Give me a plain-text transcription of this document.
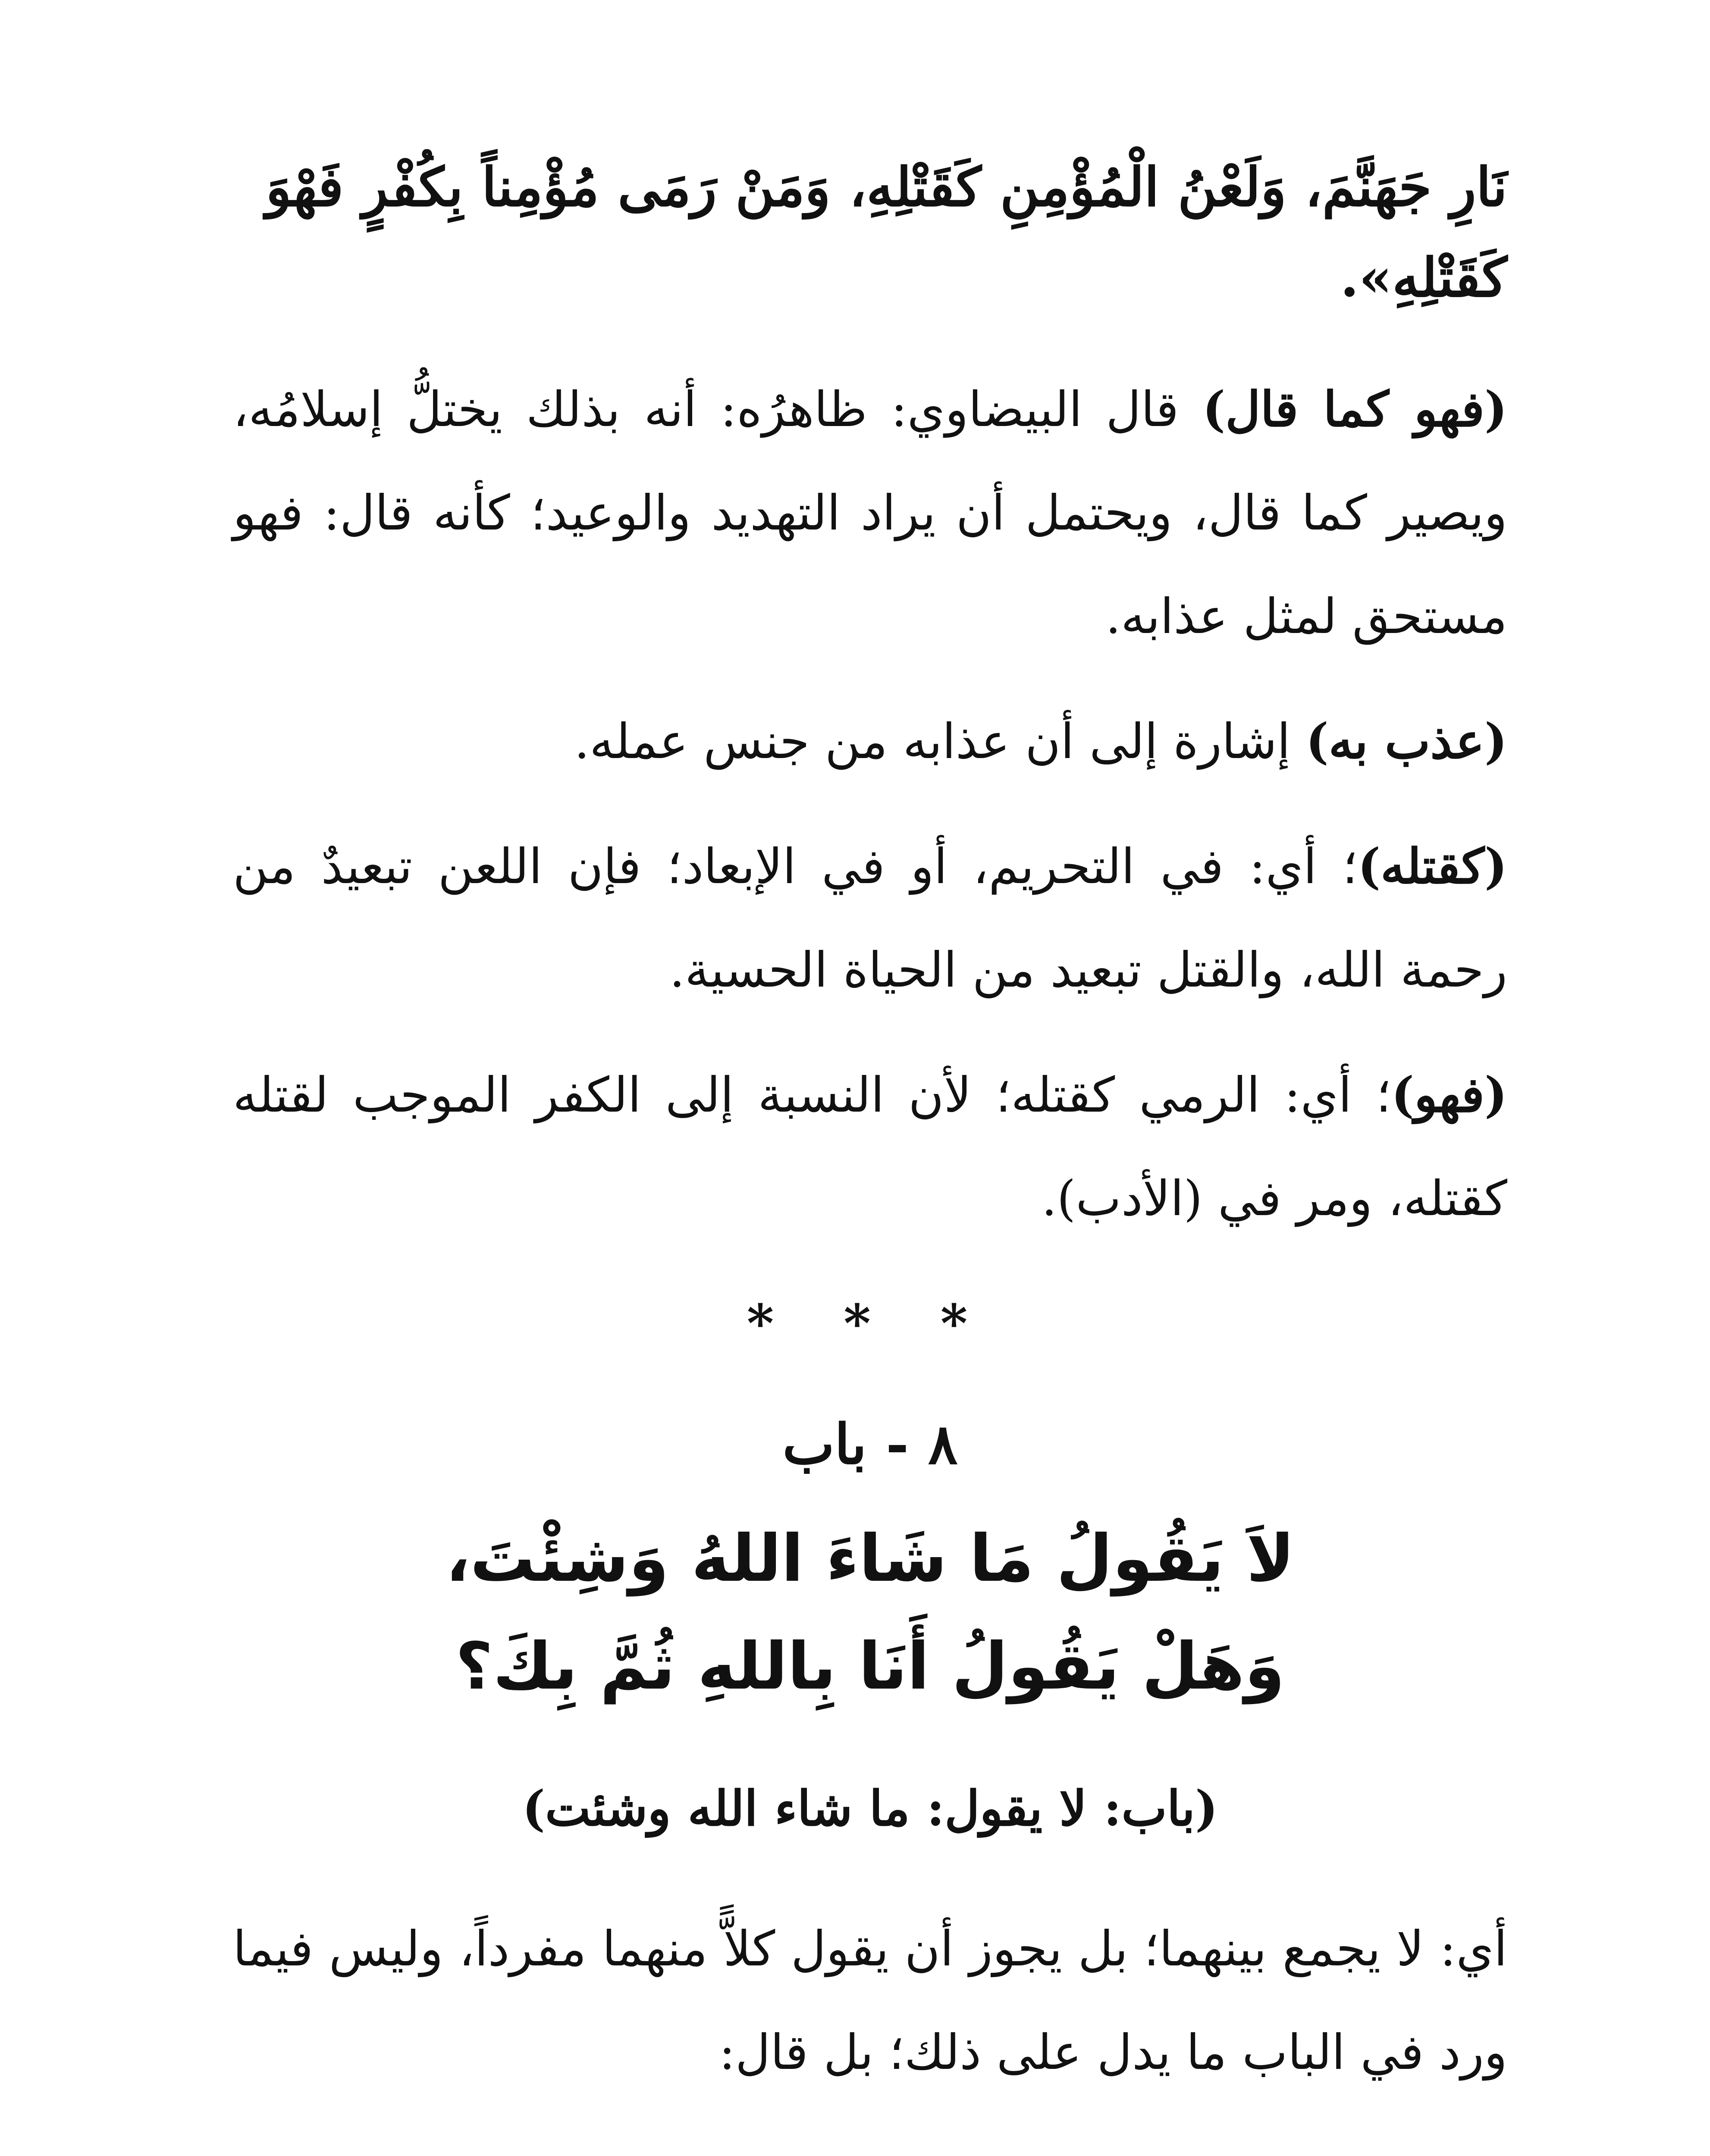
نَارِ جَهَنَّمَ، وَلَعْنُ الْمُؤْمِنِ كَقَتْلِهِ، وَمَنْ رَمَى مُؤْمِناً بِكُفْرٍ فَهْوَ كَقَتْلِهِ».

(فهو كما قال) قال البيضاوي: ظاهرُه: أنه بذلك يختلُّ إسلامُه، ويصير كما قال، ويحتمل أن يراد التهديد والوعيد؛ كأنه قال: فهو مستحق لمثل عذابه.

(عذب به) إشارة إلى أن عذابه من جنس عمله.

(كقتله)؛ أي: في التحريم، أو في الإبعاد؛ فإن اللعن تبعيدٌ من رحمة الله، والقتل تبعيد من الحياة الحسية.

(فهو)؛ أي: الرمي كقتله؛ لأن النسبة إلى الكفر الموجب لقتله كقتله، ومر في (الأدب).

* * *
٨ - باب
لاَ يَقُولُ مَا شَاءَ اللهُ وَشِئْتَ،
وَهَلْ يَقُولُ أَنَا بِاللهِ ثُمَّ بِكَ؟
(باب: لا يقول: ما شاء الله وشئت)

أي: لا يجمع بينهما؛ بل يجوز أن يقول كلاًّ منهما مفرداً، وليس فيما ورد في الباب ما يدل على ذلك؛ بل قال:
